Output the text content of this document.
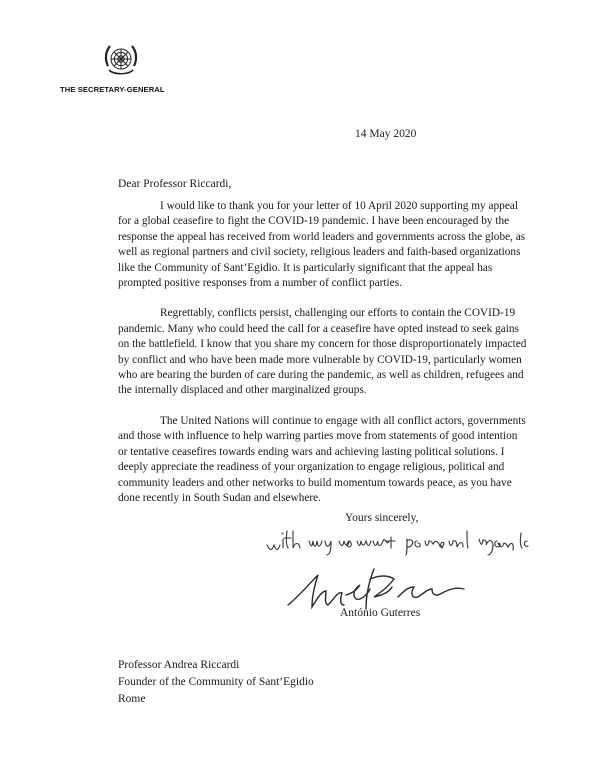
THE SECRETARY-GENERAL
14 May 2020
Dear Professor Riccardi,

I would like to thank you for your letter of 10 April 2020 supporting my appeal for a global ceasefire to fight the COVID-19 pandemic. I have been encouraged by the response the appeal has received from world leaders and governments across the globe, as well as regional partners and civil society, religious leaders and faith-based organizations like the Community of Sant’Egidio. It is particularly significant that the appeal has prompted positive responses from a number of conflict parties.

Regrettably, conflicts persist, challenging our efforts to contain the COVID-19 pandemic. Many who could heed the call for a ceasefire have opted instead to seek gains on the battlefield. I know that you share my concern for those disproportionately impacted by conflict and who have been made more vulnerable by COVID-19, particularly women who are bearing the burden of care during the pandemic, as well as children, refugees and the internally displaced and other marginalized groups.

The United Nations will continue to engage with all conflict actors, governments and those with influence to help warring parties move from statements of good intention or tentative ceasefires towards ending wars and achieving lasting political solutions. I deeply appreciate the readiness of your organization to engage religious, political and community leaders and other networks to build momentum towards peace, as you have done recently in South Sudan and elsewhere.

Yours sincerely,
António Guterres
Professor Andrea Riccardi
Founder of the Community of Sant’Egidio
Rome
